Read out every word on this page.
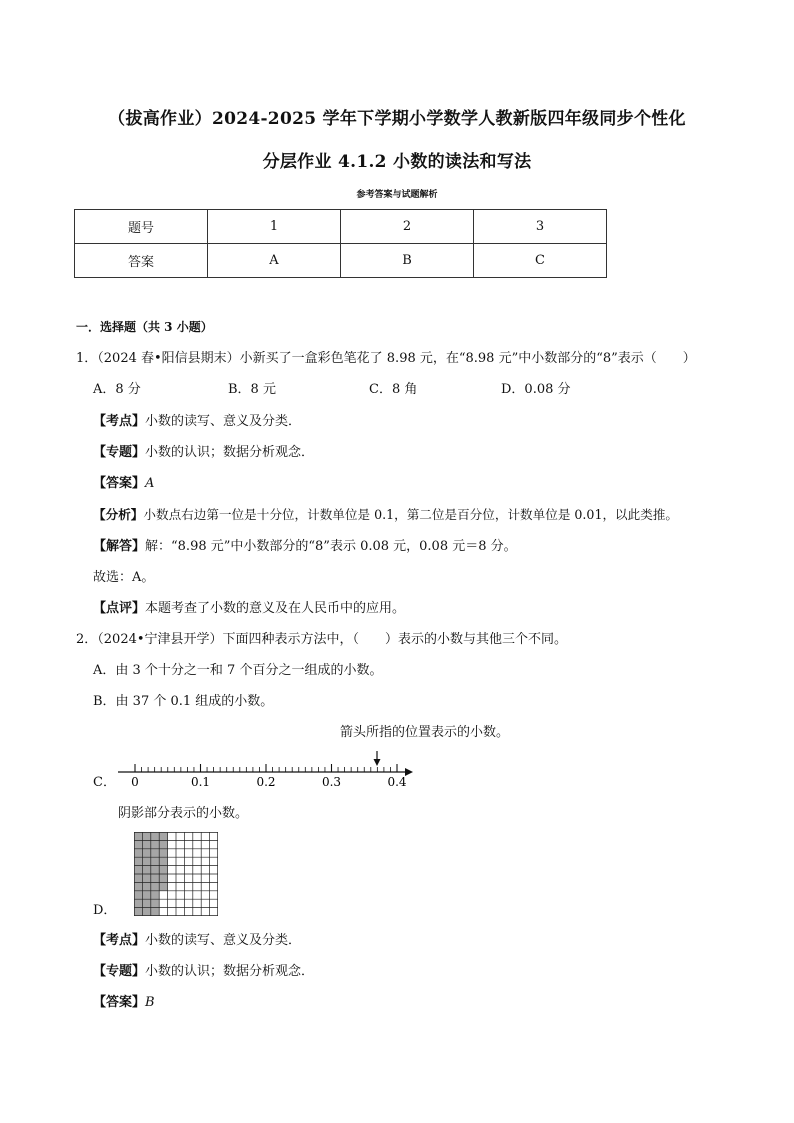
（拔高作业）2024-2025 学年下学期小学数学人教新版四年级同步个性化
分层作业 4.1.2 小数的读法和写法
参考答案与试题解析
题号	1	2	3
答案	A	B	C
一．选择题（共 3 小题）
1．（2024 春•阳信县期末）小新买了一盒彩色笔花了 8.98 元，在“8.98 元”中小数部分的“8”表示（　　）
A．8 分	B．8 元	C．8 角	D．0.08 分
【考点】小数的读写、意义及分类．
【专题】小数的认识；数据分析观念．
【答案】A
【分析】小数点右边第一位是十分位，计数单位是 0.1，第二位是百分位，计数单位是 0.01，以此类推。
【解答】解：“8.98 元”中小数部分的“8”表示 0.08 元，0.08 元＝8 分。
故选：A。
【点评】本题考查了小数的意义及在人民币中的应用。
2．（2024•宁津县开学）下面四种表示方法中，（　　）表示的小数与其他三个不同。
A．由 3 个十分之一和 7 个百分之一组成的小数。
B．由 37 个 0.1 组成的小数。
箭头所指的位置表示的小数。
C． 0	0.1	0.2	0.3	0.4
阴影部分表示的小数。
D．
【考点】小数的读写、意义及分类．
【专题】小数的认识；数据分析观念．
【答案】B
